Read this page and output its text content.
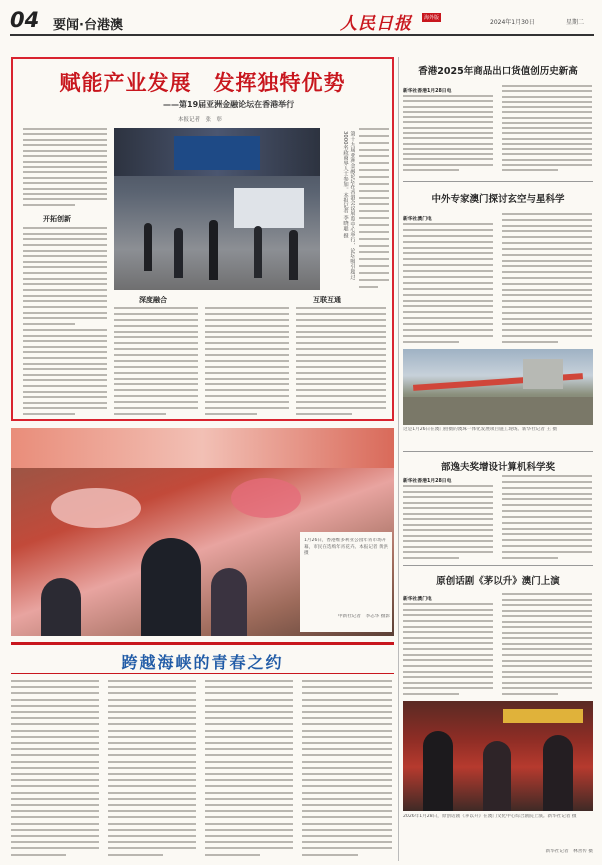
04 要闻·台港澳	人民日报	海外版
2024年1月30日	星期二
赋能产业发展　发挥独特优势
——第19届亚洲金融论坛在香港举行
本报记者　张　彰
开拓创新	第十九届亚洲金融论坛在香港会议展览中心举行，论坛吸引超过3000名政商界人士参加。本报记者 李晓聪 摄
深度融合	互联互通
1月26日，香港维多利亚公园年宵市场开幕，市民在选购年宵花卉。本报记者 黄洪 摄
中新社记者　李志华 摄影
跨越海峡的青春之约
香港2025年商品出口货值创历史新高
新华社香港1月28日电
中外专家澳门探讨玄空与星科学
新华社澳门电
这是1月26日在澳门拍摄的澳珠一体化发展项目施工现场。新华社记者 王 摄
部逸夫奖增设计算机科学奖
新华社香港1月28日电
原创话剧《茅以升》澳门上演
新华社澳门电
2026年1月28日，原创话剧《茅以升》在澳门文化中心综合剧院上演。新华社记者 摄
新华社记者　林善传 摄
